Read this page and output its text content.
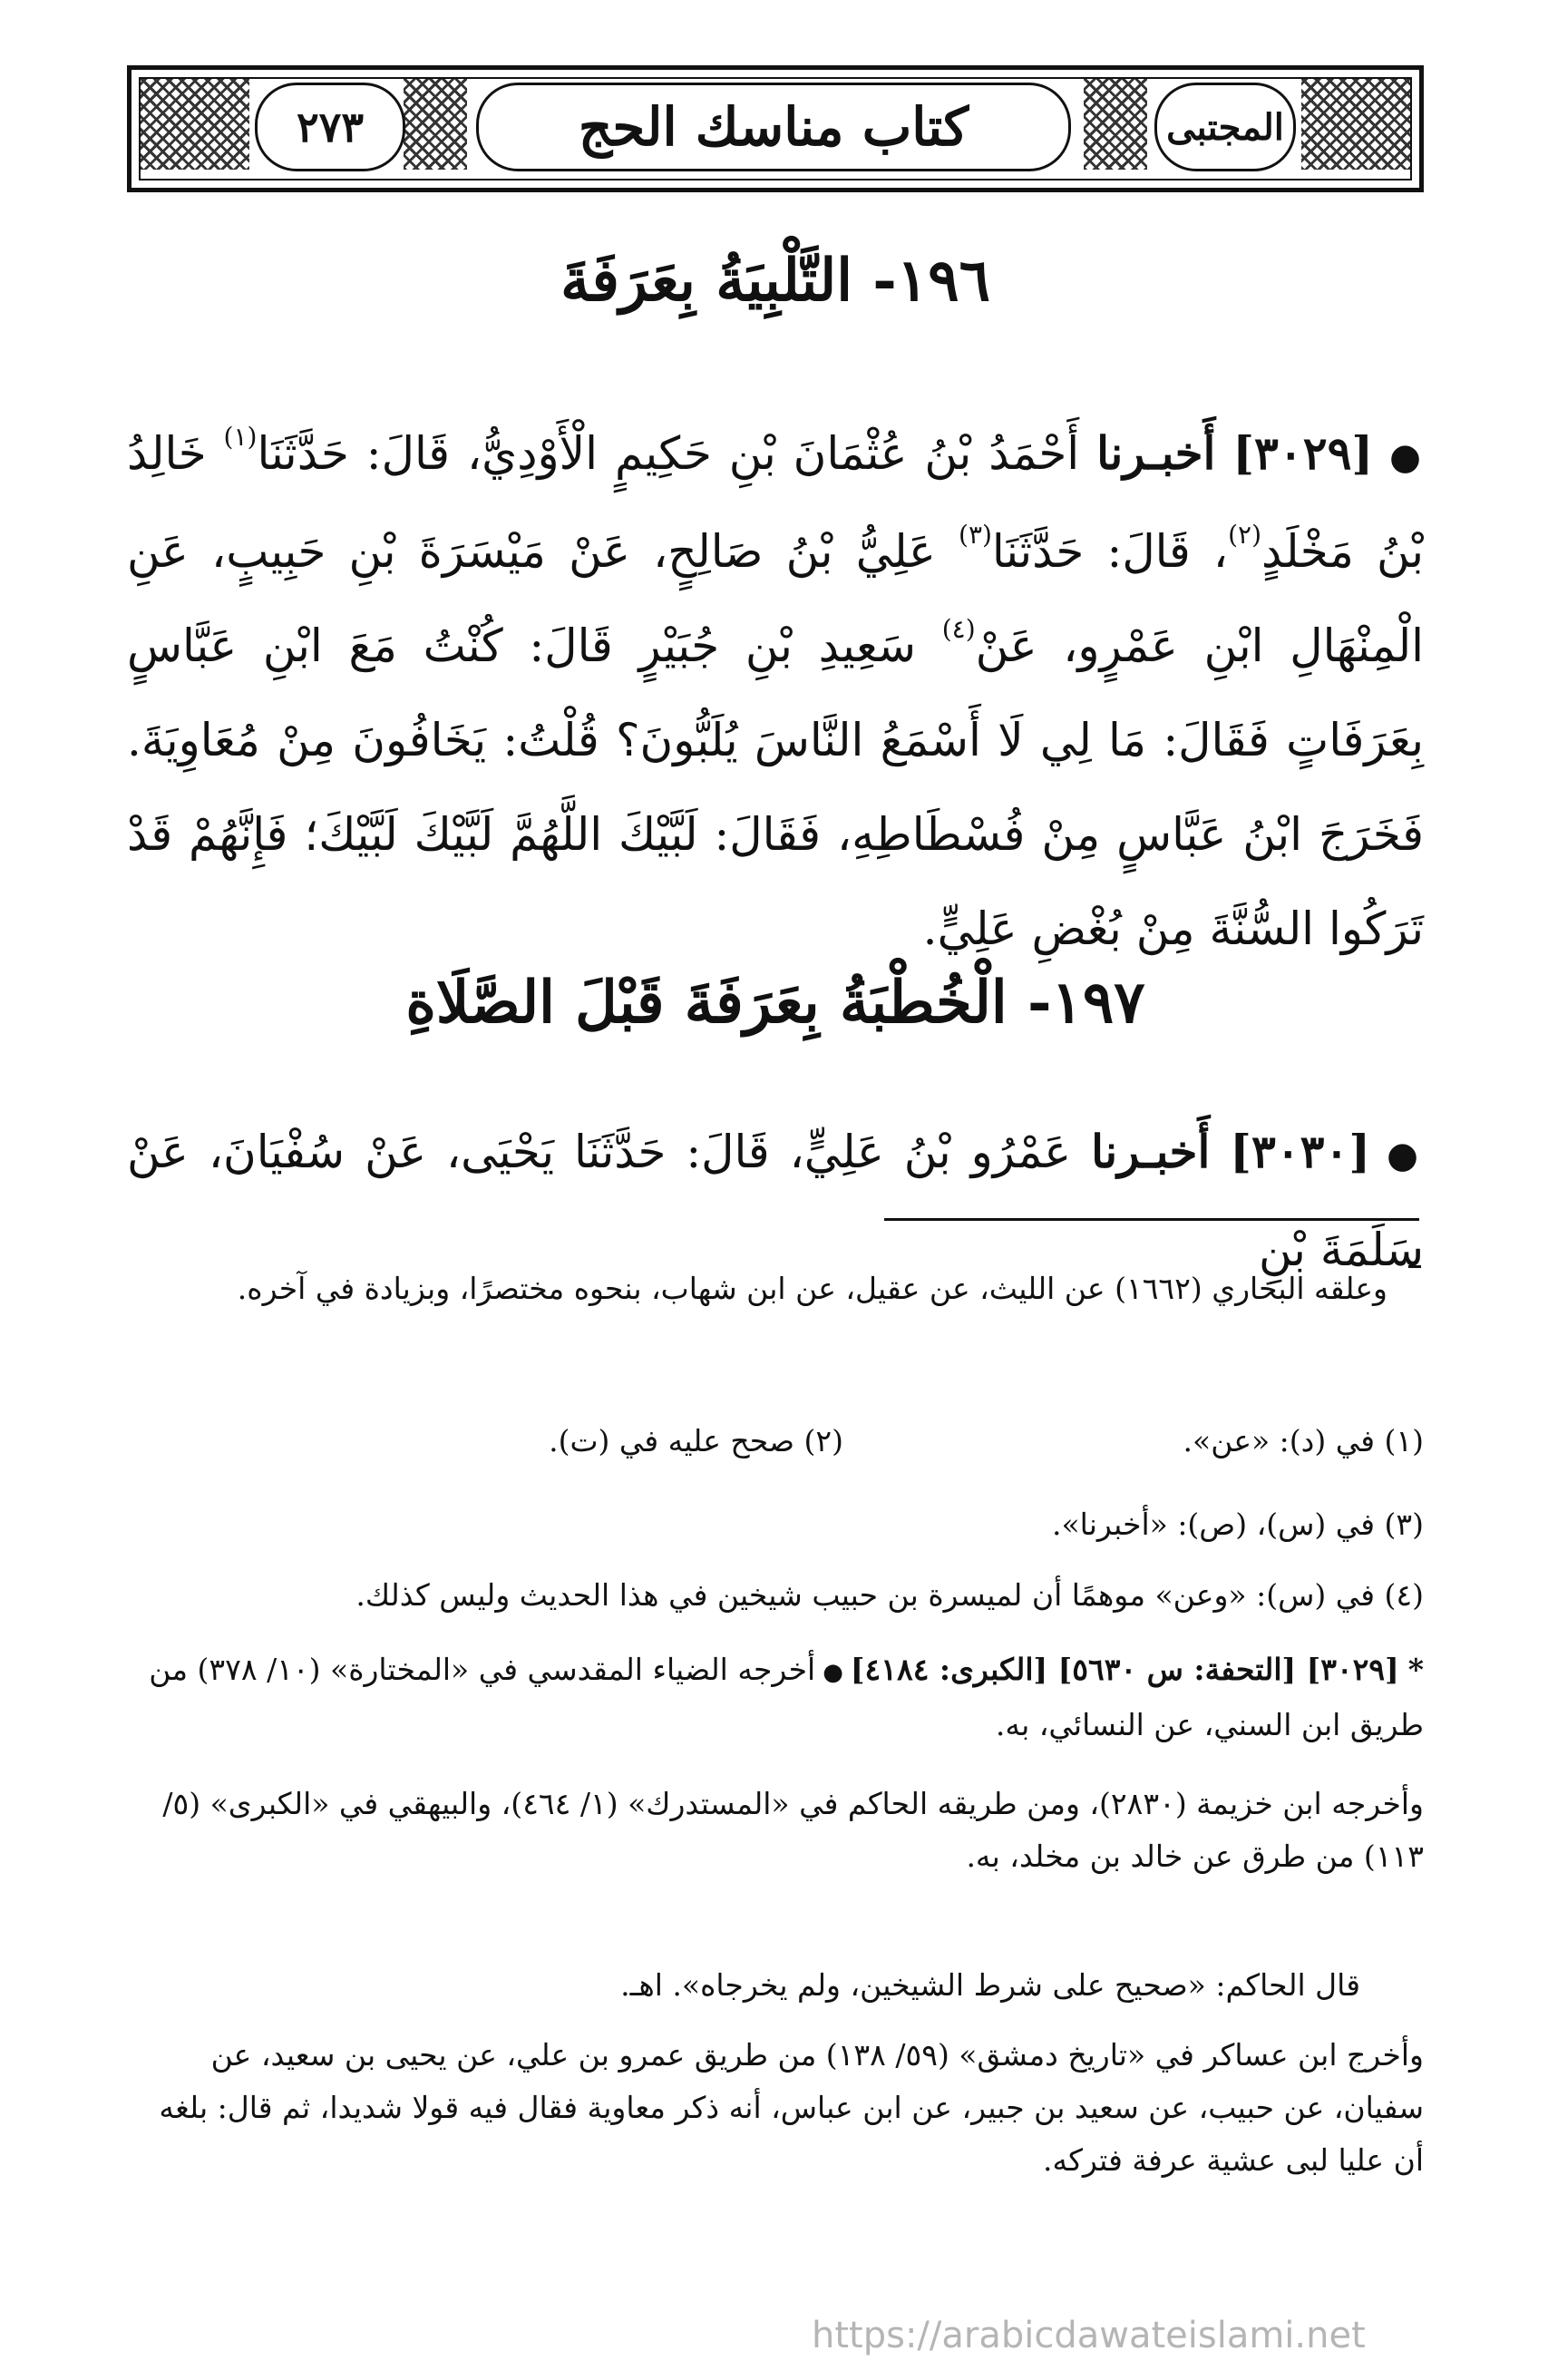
٢٧٣	كتاب مناسك الحج	المجتبى
١٩٦- التَّلْبِيَةُ بِعَرَفَةَ
●[٣٠٢٩] أَخبـرنا أَحْمَدُ بْنُ عُثْمَانَ بْنِ حَكِيمٍ الْأَوْدِيُّ، قَالَ: حَدَّثَنَا$^{(١)}$ خَالِدُ بْنُ مَخْلَدٍ$^{(٢)}$، قَالَ: حَدَّثَنَا$^{(٣)}$ عَلِيُّ بْنُ صَالِحٍ، عَنْ مَيْسَرَةَ بْنِ حَبِيبٍ، عَنِ الْمِنْهَالِ ابْنِ عَمْرٍو، عَنْ$^{(٤)}$ سَعِيدِ بْنِ جُبَيْرٍ قَالَ: كُنْتُ مَعَ ابْنِ عَبَّاسٍ بِعَرَفَاتٍ فَقَالَ: مَا لِي لَا أَسْمَعُ النَّاسَ يُلَبُّونَ؟ قُلْتُ: يَخَافُونَ مِنْ مُعَاوِيَةَ. فَخَرَجَ ابْنُ عَبَّاسٍ مِنْ فُسْطَاطِهِ، فَقَالَ: لَبَّيْكَ اللَّهُمَّ لَبَّيْكَ لَبَّيْكَ؛ فَإِنَّهُمْ قَدْ تَرَكُوا السُّنَّةَ مِنْ بُغْضِ عَلِيٍّ.
١٩٧- الْخُطْبَةُ بِعَرَفَةَ قَبْلَ الصَّلَاةِ
●[٣٠٣٠] أَخبـرنا عَمْرُو بْنُ عَلِيٍّ، قَالَ: حَدَّثَنَا يَحْيَى، عَنْ سُفْيَانَ، عَنْ سَلَمَةَ بْنِ
وعلقه البخاري (١٦٦٢) عن الليث، عن عقيل، عن ابن شهاب، بنحوه مختصرًا، وبزيادة في آخره.
(١) في (د): «عن».
(٢) صحح عليه في (ت).
(٣) في (س)، (ص): «أخبرنا».
(٤) في (س): «وعن» موهمًا أن لميسرة بن حبيب شيخين في هذا الحديث وليس كذلك.
*[٣٠٢٩] [التحفة: س ٥٦٣٠] [الكبرى: ٤١٨٤]●أخرجه الضياء المقدسي في «المختارة» (١٠/ ٣٧٨) من طريق ابن السني، عن النسائي، به.
وأخرجه ابن خزيمة (٢٨٣٠)، ومن طريقه الحاكم في «المستدرك» (١/ ٤٦٤)، والبيهقي في «الكبرى» (٥/ ١١٣) من طرق عن خالد بن مخلد، به.
قال الحاكم: «صحيح على شرط الشيخين، ولم يخرجاه». اهـ.
وأخرج ابن عساكر في «تاريخ دمشق» (٥٩/ ١٣٨) من طريق عمرو بن علي، عن يحيى بن سعيد، عن سفيان، عن حبيب، عن سعيد بن جبير، عن ابن عباس، أنه ذكر معاوية فقال فيه قولا شديدا، ثم قال: بلغه أن عليا لبى عشية عرفة فتركه.
https://arabicdawateislami.net
